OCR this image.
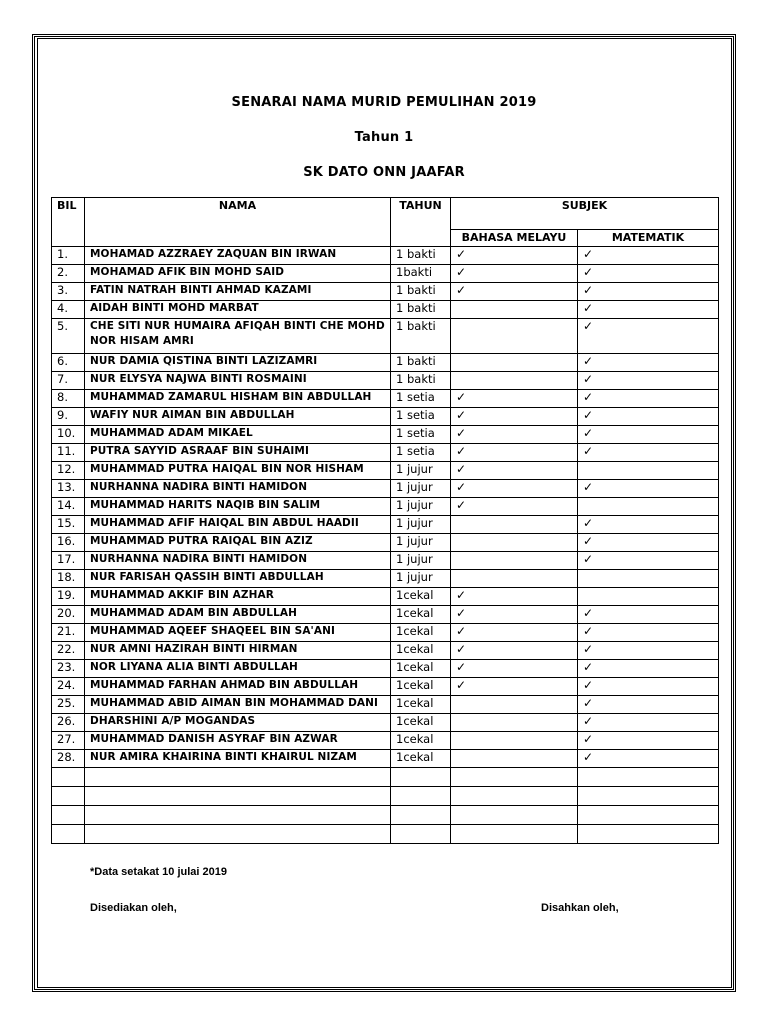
SENARAI NAMA MURID PEMULIHAN 2019
Tahun 1
SK DATO ONN JAAFAR
BIL	NAMA	TAHUN	SUBJEK	
			BAHASA MELAYU	MATEMATIK
1.	MOHAMAD AZZRAEY ZAQUAN BIN IRWAN	1 bakti	✓	✓
2.	MOHAMAD AFIK BIN MOHD SAID	1bakti	✓	✓
3.	FATIN NATRAH BINTI AHMAD KAZAMI	1 bakti	✓	✓
4.	AIDAH BINTI MOHD MARBAT	1 bakti		✓
5.	CHE SITI NUR HUMAIRA AFIQAH BINTI CHE MOHD NOR HISAM AMRI	1 bakti		✓
6.	NUR DAMIA QISTINA BINTI LAZIZAMRI	1 bakti		✓
7.	NUR ELYSYA NAJWA BINTI ROSMAINI	1 bakti		✓
8.	MUHAMMAD ZAMARUL HISHAM BIN ABDULLAH	1 setia	✓	✓
9.	WAFIY NUR AIMAN BIN ABDULLAH	1 setia	✓	✓
10.	MUHAMMAD ADAM MIKAEL	1 setia	✓	✓
11.	PUTRA SAYYID ASRAAF BIN SUHAIMI	1 setia	✓	✓
12.	MUHAMMAD PUTRA HAIQAL BIN NOR HISHAM	1 jujur	✓	
13.	NURHANNA NADIRA BINTI HAMIDON	1 jujur	✓	✓
14.	MUHAMMAD HARITS NAQIB BIN SALIM	1 jujur	✓	
15.	MUHAMMAD AFIF HAIQAL BIN ABDUL HAADII	1 jujur		✓
16.	MUHAMMAD PUTRA RAIQAL BIN AZIZ	1 jujur		✓
17.	NURHANNA NADIRA BINTI HAMIDON	1 jujur		✓
18.	NUR FARISAH QASSIH BINTI ABDULLAH	1 jujur		
19.	MUHAMMAD AKKIF BIN AZHAR	1cekal	✓	
20.	MUHAMMAD ADAM BIN ABDULLAH	1cekal	✓	✓
21.	MUHAMMAD AQEEF SHAQEEL BIN SA'ANI	1cekal	✓	✓
22.	NUR AMNI HAZIRAH BINTI HIRMAN	1cekal	✓	✓
23.	NOR LIYANA ALIA BINTI ABDULLAH	1cekal	✓	✓
24.	MUHAMMAD FARHAN AHMAD BIN ABDULLAH	1cekal	✓	✓
25.	MUHAMMAD ABID AIMAN BIN MOHAMMAD DANI	1cekal		✓
26.	DHARSHINI A/P MOGANDAS	1cekal		✓
27.	MUHAMMAD DANISH ASYRAF BIN AZWAR	1cekal		✓
28.	NUR AMIRA KHAIRINA BINTI KHAIRUL NIZAM	1cekal		✓

*Data setakat 10 julai 2019
Disediakan oleh,	Disahkan oleh,
